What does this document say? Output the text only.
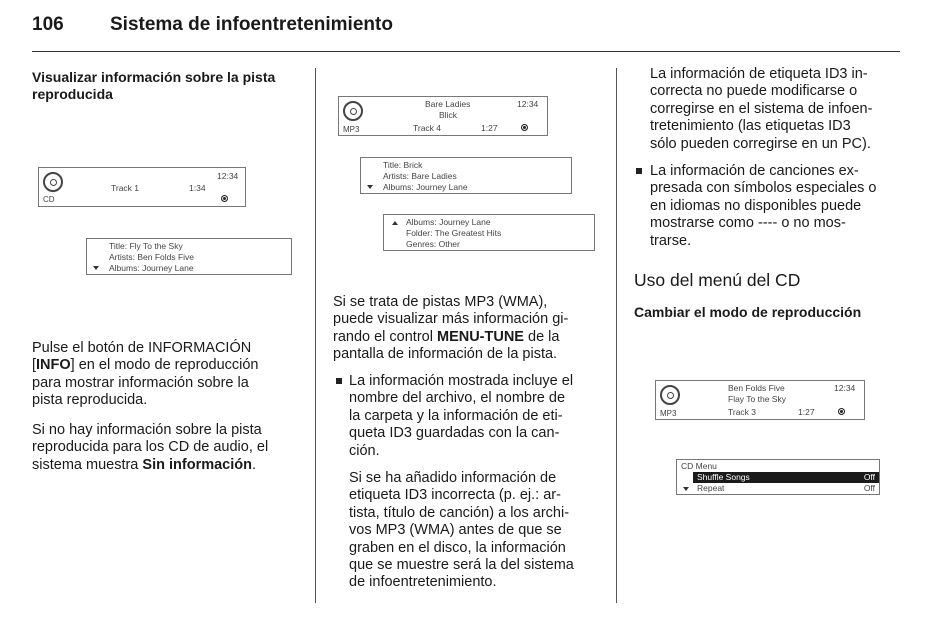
106 Sistema de infoentretenimiento
Visualizar información sobre la pista
reproducida
CD
12:34
Track 1	1:34
Title: Fly To the Sky
Artists: Ben Folds Five
Albums: Journey Lane
Pulse el botón de INFORMACIÓN
[INFO] en el modo de reproducción
para mostrar información sobre la
pista reproducida.
Si no hay información sobre la pista
reproducida para los CD de audio, el
sistema muestra Sin información.
MP3
Bare Ladies	12:34
Blick
Track 4	1:27
Title: Brick
Artists: Bare Ladies
Albums: Journey Lane
Albums: Journey Lane
Folder: The Greatest Hits
Genres: Other
Si se trata de pistas MP3 (WMA),
puede visualizar más información gi-
rando el control MENU-TUNE de la
pantalla de información de la pista.
La información mostrada incluye el
nombre del archivo, el nombre de
la carpeta y la información de eti-
queta ID3 guardadas con la can-
ción.
Si se ha añadido información de
etiqueta ID3 incorrecta (p. ej.: ar-
tista, título de canción) a los archi-
vos MP3 (WMA) antes de que se
graben en el disco, la información
que se muestre será la del sistema
de infoentretenimiento.
La información de etiqueta ID3 in-
correcta no puede modificarse o
corregirse en el sistema de infoen-
tretenimiento (las etiquetas ID3
sólo pueden corregirse en un PC).
La información de canciones ex-
presada con símbolos especiales o
en idiomas no disponibles puede
mostrarse como ---- o no mos-
trarse.
Uso del menú del CD
Cambiar el modo de reproducción
MP3
Ben Folds Five	12:34
Flay To the Sky
Track 3	1:27
CD Menu
Shuffle Songs	Off
Repeat	Off
